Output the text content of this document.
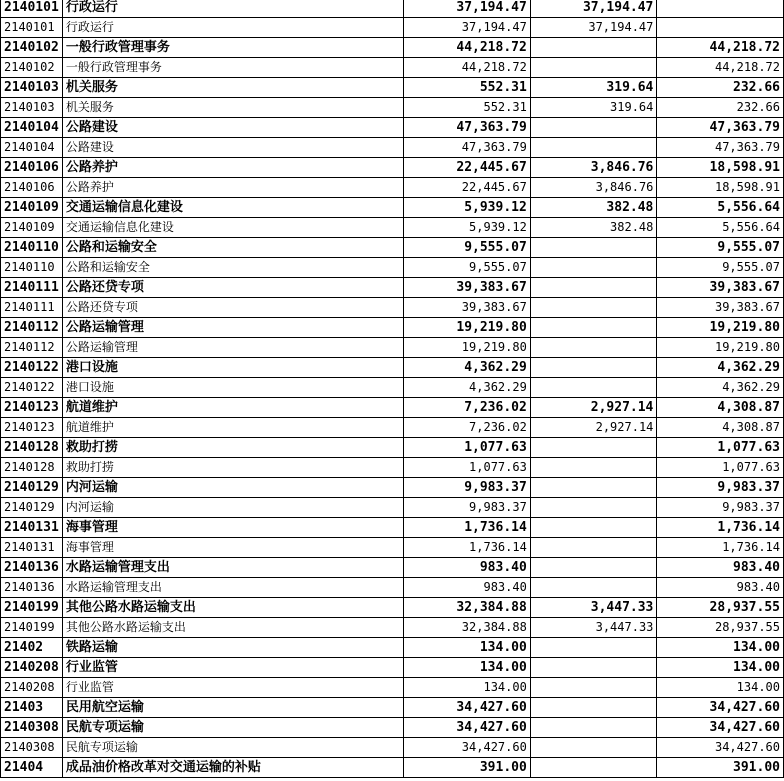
2140101	行政运行	37,194.47	37,194.47	
2140101	行政运行	37,194.47	37,194.47	
2140102	一般行政管理事务	44,218.72		44,218.72
2140102	一般行政管理事务	44,218.72		44,218.72
2140103	机关服务	552.31	319.64	232.66
2140103	机关服务	552.31	319.64	232.66
2140104	公路建设	47,363.79		47,363.79
2140104	公路建设	47,363.79		47,363.79
2140106	公路养护	22,445.67	3,846.76	18,598.91
2140106	公路养护	22,445.67	3,846.76	18,598.91
2140109	交通运输信息化建设	5,939.12	382.48	5,556.64
2140109	交通运输信息化建设	5,939.12	382.48	5,556.64
2140110	公路和运输安全	9,555.07		9,555.07
2140110	公路和运输安全	9,555.07		9,555.07
2140111	公路还贷专项	39,383.67		39,383.67
2140111	公路还贷专项	39,383.67		39,383.67
2140112	公路运输管理	19,219.80		19,219.80
2140112	公路运输管理	19,219.80		19,219.80
2140122	港口设施	4,362.29		4,362.29
2140122	港口设施	4,362.29		4,362.29
2140123	航道维护	7,236.02	2,927.14	4,308.87
2140123	航道维护	7,236.02	2,927.14	4,308.87
2140128	救助打捞	1,077.63		1,077.63
2140128	救助打捞	1,077.63		1,077.63
2140129	内河运输	9,983.37		9,983.37
2140129	内河运输	9,983.37		9,983.37
2140131	海事管理	1,736.14		1,736.14
2140131	海事管理	1,736.14		1,736.14
2140136	水路运输管理支出	983.40		983.40
2140136	水路运输管理支出	983.40		983.40
2140199	其他公路水路运输支出	32,384.88	3,447.33	28,937.55
2140199	其他公路水路运输支出	32,384.88	3,447.33	28,937.55
21402	铁路运输	134.00		134.00
2140208	行业监管	134.00		134.00
2140208	行业监管	134.00		134.00
21403	民用航空运输	34,427.60		34,427.60
2140308	民航专项运输	34,427.60		34,427.60
2140308	民航专项运输	34,427.60		34,427.60
21404	成品油价格改革对交通运输的补贴	391.00		391.00
